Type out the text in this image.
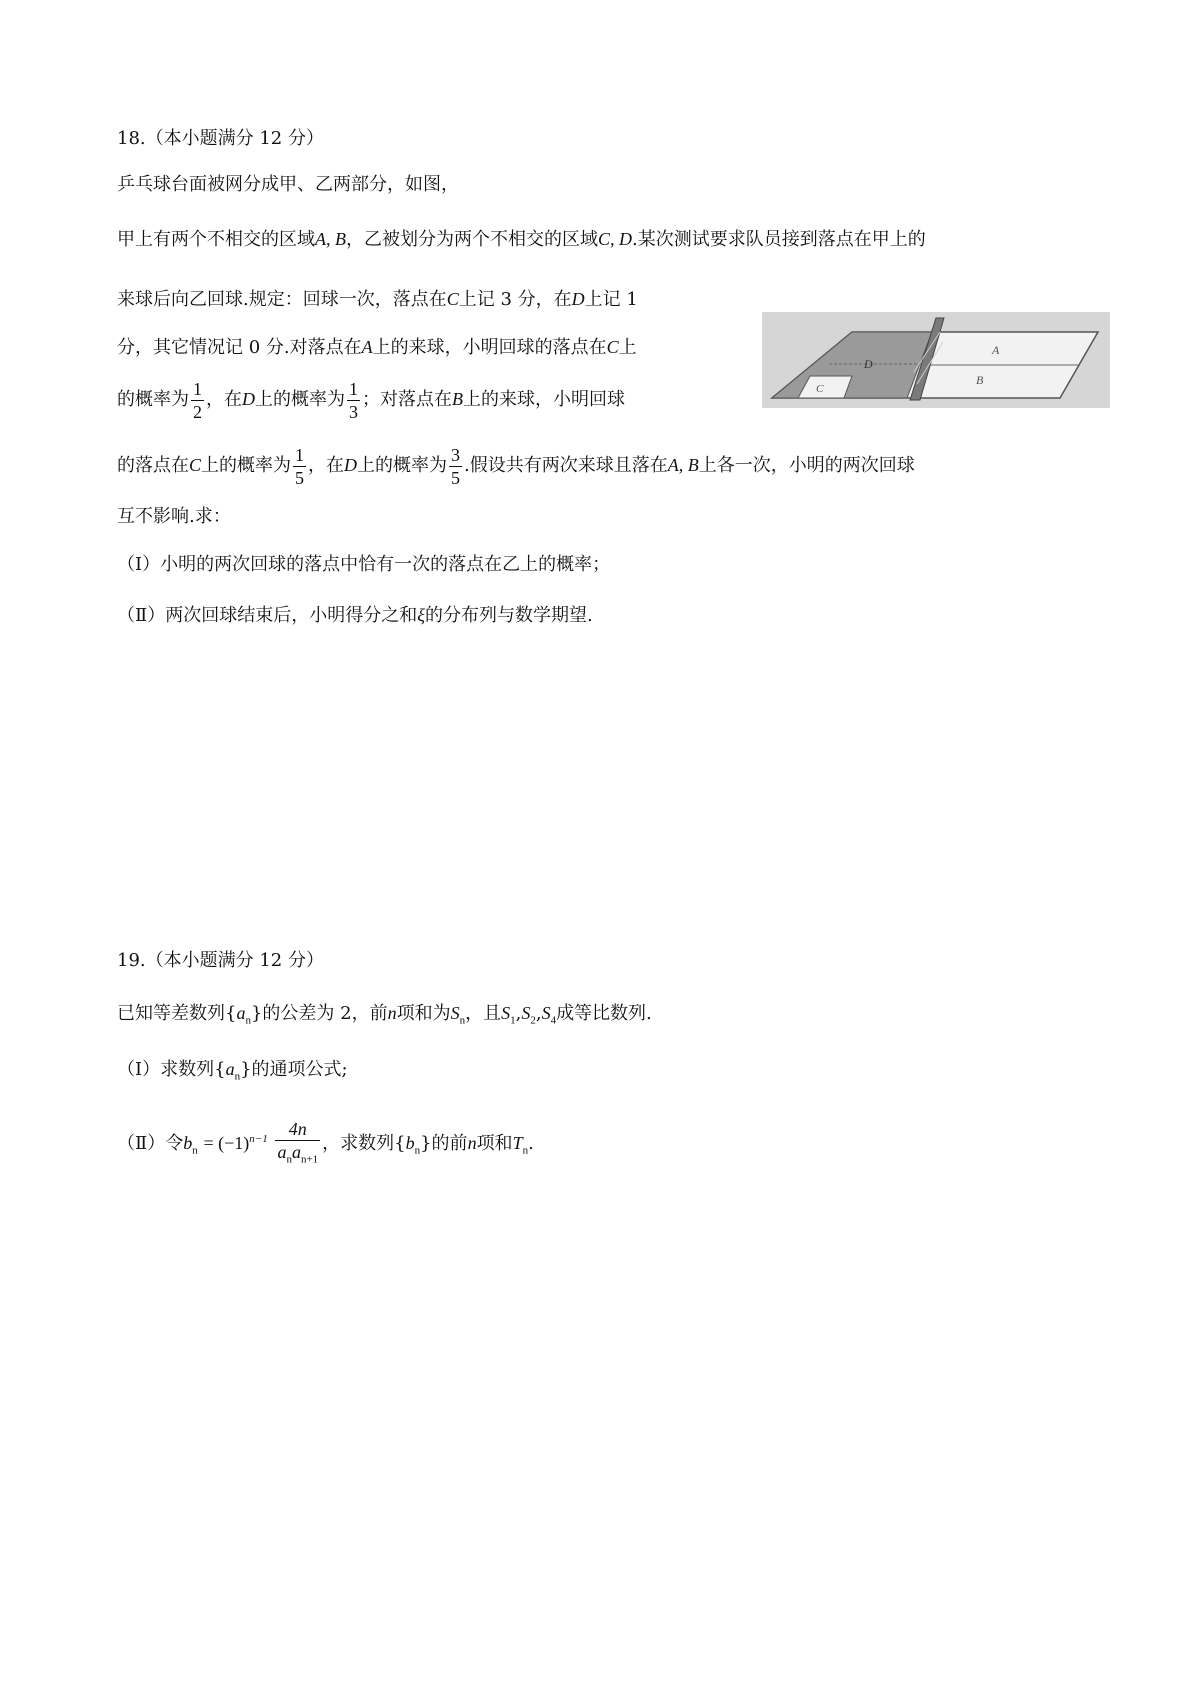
18.（本小题满分 12 分）
乒乓球台面被网分成甲、乙两部分，如图，
甲上有两个不相交的区域A, B，乙被划分为两个不相交的区域C, D.某次测试要求队员接到落点在甲上的
来球后向乙回球.规定：回球一次，落点在C上记 3 分，在D上记 1
分，其它情况记 0 分.对落点在A上的来球，小明回球的落点在C上
的概率为 $\frac{1}{2}$ ，在D上的概率为 $\frac{1}{3}$ ；对落点在B上的来球，小明回球
的落点在C上的概率为 $\frac{1}{5}$ ，在D上的概率为 $\frac{3}{5}$ .假设共有两次来球且落在A, B上各一次，小明的两次回球
互不影响.求：
（Ⅰ）小明的两次回球的落点中恰有一次的落点在乙上的概率；
（Ⅱ）两次回球结束后，小明得分之和ξ的分布列与数学期望.
A
B
C
D
19.（本小题满分 12 分）
已知等差数列$\{a_n\}$的公差为 2，前n项和为$S_n$，且$S_1,S_2,S_4$成等比数列.
（Ⅰ）求数列$\{a_n\}$的通项公式;
（Ⅱ）令$b_n = (-1)^{n-1} \frac{4n}{a_na_{n+1}}$ ，求数列$\{b_n\}$的前n项和$T_n$.
